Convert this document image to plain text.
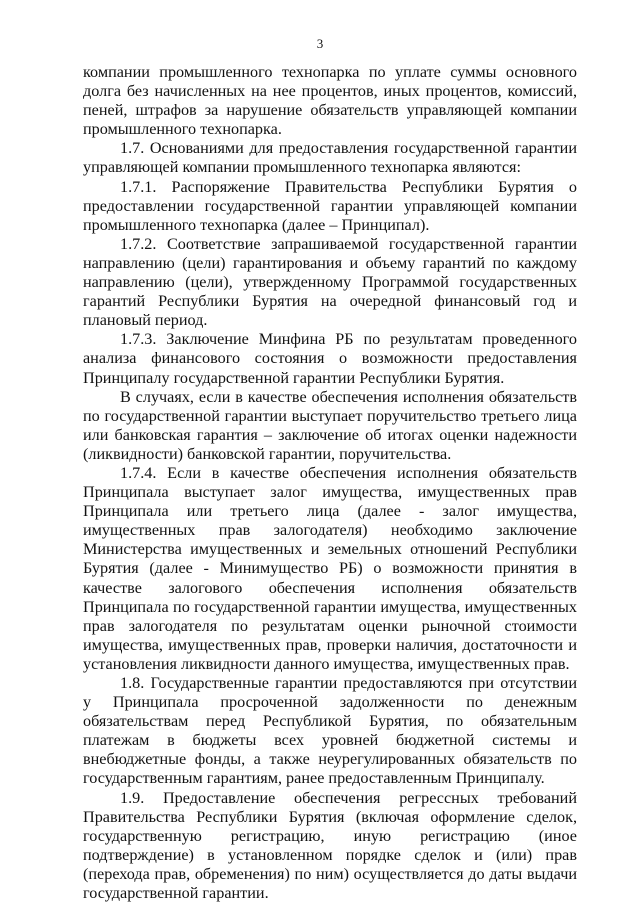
3

компании промышленного технопарка по уплате суммы основного долга без начисленных на нее процентов, иных процентов, комиссий, пеней, штрафов за нарушение обязательств управляющей компании промышленного технопарка.

1.7. Основаниями для предоставления государственной гарантии управляющей компании промышленного технопарка являются:

1.7.1. Распоряжение Правительства Республики Бурятия о предоставлении государственной гарантии управляющей компании промышленного технопарка (далее – Принципал).

1.7.2. Соответствие запрашиваемой государственной гарантии направлению (цели) гарантирования и объему гарантий по каждому направлению (цели), утвержденному Программой государственных гарантий Республики Бурятия на очередной финансовый год и плановый период.

1.7.3. Заключение Минфина РБ по результатам проведенного анализа финансового состояния о возможности предоставления Принципалу государственной гарантии Республики Бурятия.

В случаях, если в качестве обеспечения исполнения обязательств по государственной гарантии выступает поручительство третьего лица или банковская гарантия – заключение об итогах оценки надежности (ликвидности) банковской гарантии, поручительства.

1.7.4. Если в качестве обеспечения исполнения обязательств Принципала выступает залог имущества, имущественных прав Принципала или третьего лица (далее - залог имущества, имущественных прав залогодателя) необходимо заключение Министерства имущественных и земельных отношений Республики Бурятия (далее - Минимущество РБ) о возможности принятия в качестве залогового обеспечения исполнения обязательств Принципала по государственной гарантии имущества, имущественных прав залогодателя по результатам оценки рыночной стоимости имущества, имущественных прав, проверки наличия, достаточности и установления ликвидности данного имущества, имущественных прав.

1.8. Государственные гарантии предоставляются при отсутствии у Принципала просроченной задолженности по денежным обязательствам перед Республикой Бурятия, по обязательным платежам в бюджеты всех уровней бюджетной системы и внебюджетные фонды, а также неурегулированных обязательств по государственным гарантиям, ранее предоставленным Принципалу.

1.9. Предоставление обеспечения регрессных требований Правительства Республики Бурятия (включая оформление сделок, государственную регистрацию, иную регистрацию (иное подтверждение) в установленном порядке сделок и (или) прав (перехода прав, обременения) по ним) осуществляется до даты выдачи государственной гарантии.
